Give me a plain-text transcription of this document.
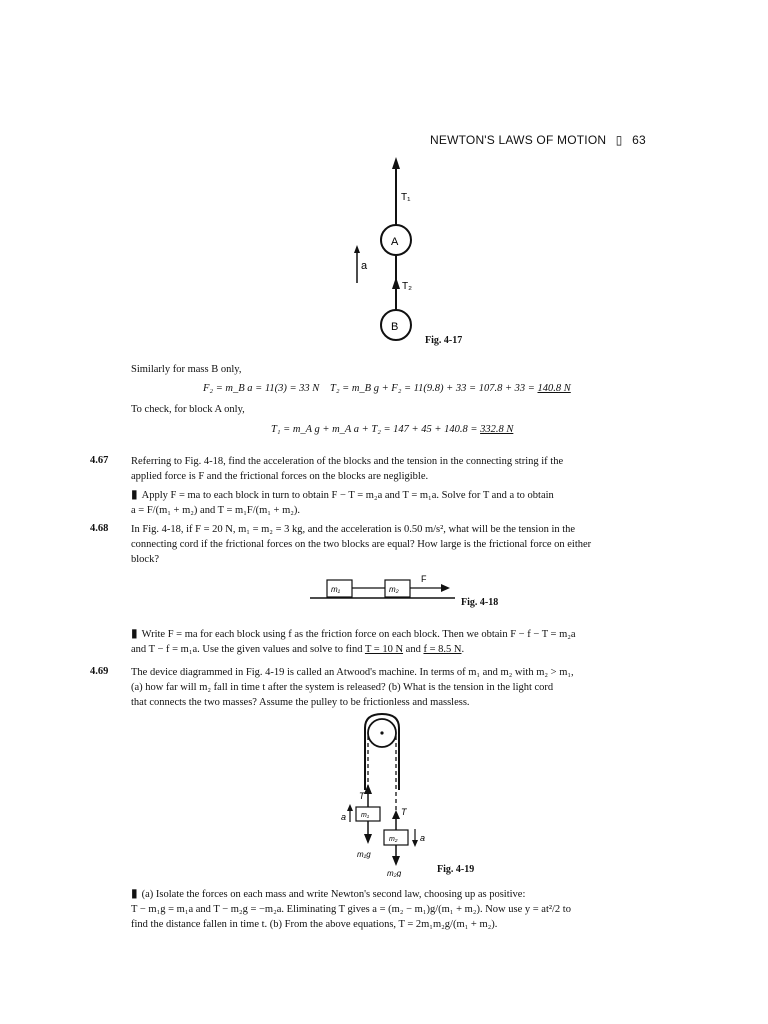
NEWTON'S LAWS OF MOTION ▯ 63
a
T₁
T₂
A
B
Fig. 4-17
Similarly for mass B only,
F₂ = m_B a = 11(3) = 33 N T₂ = m_B g + F₂ = 11(9.8) + 33 = 107.8 + 33 = 140.8 N
To check, for block A only,
T₁ = m_A g + m_A a + T₂ = 147 + 45 + 140.8 = 332.8 N
4.67 Referring to Fig. 4-18, find the acceleration of the blocks and the tension in the connecting string if the
applied force is F and the frictional forces on the blocks are negligible.
▮ Apply F = ma to each block in turn to obtain F − T = m₂a and T = m₁a. Solve for T and a to obtain
a = F/(m₁ + m₂) and T = m₁F/(m₁ + m₂).
4.68 In Fig. 4-18, if F = 20 N, m₁ = m₂ = 3 kg, and the acceleration is 0.50 m/s², what will be the tension in the
connecting cord if the frictional forces on the two blocks are equal? How large is the frictional force on either
block?
m₁	m₂
F
Fig. 4-18
▮ Write F = ma for each block using f as the friction force on each block. Then we obtain F − f − T = m₂a
and T − f = m₁a. Use the given values and solve to find T = 10 N and f = 8.5 N.
4.69 The device diagrammed in Fig. 4-19 is called an Atwood's machine. In terms of m₁ and m₂ with m₂ > m₁,
(a) how far will m₂ fall in time t after the system is released? (b) What is the tension in the light cord
that connects the two masses? Assume the pulley to be frictionless and massless.
T
T
a
a
m₁
m₂
m₁g
m₂g	Fig. 4-19
▮ (a) Isolate the forces on each mass and write Newton's second law, choosing up as positive:
T − m₁g = m₁a and T − m₂g = −m₂a. Eliminating T gives a = (m₂ − m₁)g/(m₁ + m₂). Now use y = at²/2 to
find the distance fallen in time t. (b) From the above equations, T = 2m₁m₂g/(m₁ + m₂).
